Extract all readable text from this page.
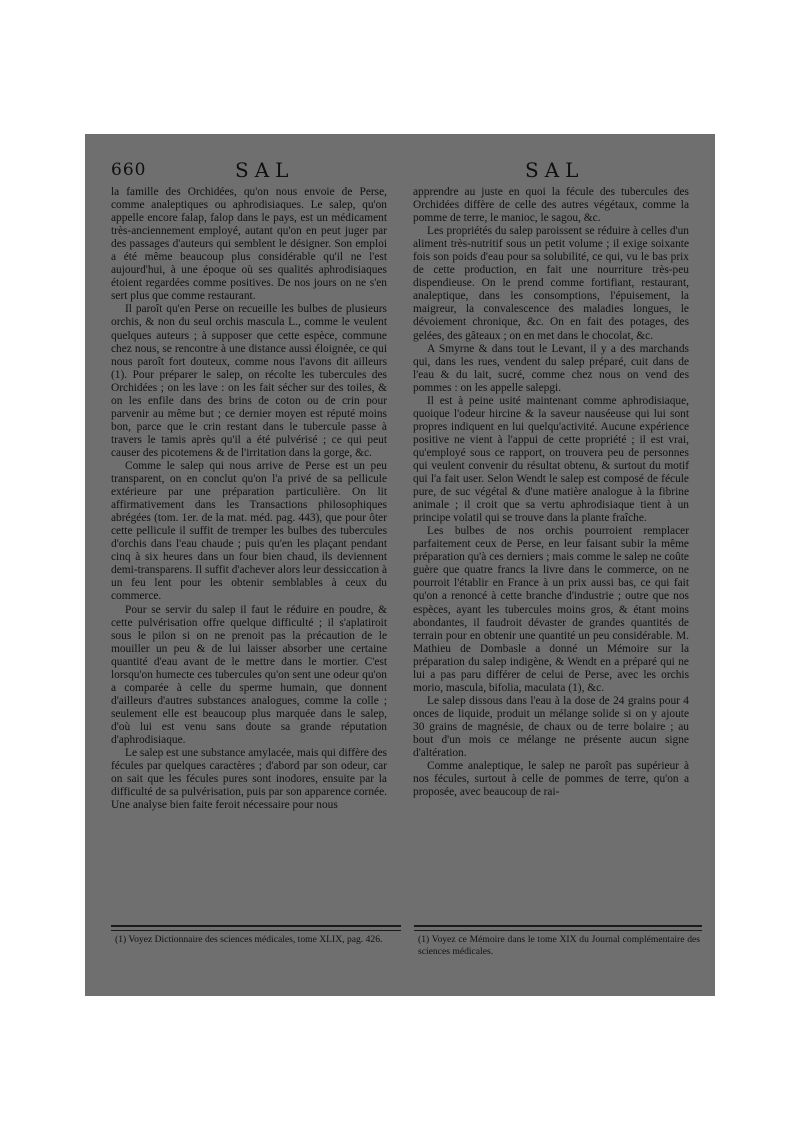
660	SAL	SAL

la famille des Orchidées, qu'on nous envoie de Perse, comme analeptiques ou aphrodisiaques. Le salep, qu'on appelle encore falap, falop dans le pays, est un médicament très-anciennement employé, autant qu'on en peut juger par des passages d'auteurs qui semblent le désigner. Son emploi a été même beaucoup plus considérable qu'il ne l'est aujourd'hui, à une époque où ses qualités aphrodisiaques étoient regardées comme positives. De nos jours on ne s'en sert plus que comme restaurant.

Il paroît qu'en Perse on recueille les bulbes de plusieurs orchis, & non du seul orchis mascula L., comme le veulent quelques auteurs ; à supposer que cette espèce, commune chez nous, se rencontre à une distance aussi éloignée, ce qui nous paroît fort douteux, comme nous l'avons dit ailleurs (1). Pour préparer le salep, on récolte les tubercules des Orchidées ; on les lave : on les fait sécher sur des toiles, & on les enfile dans des brins de coton ou de crin pour parvenir au même but ; ce dernier moyen est réputé moins bon, parce que le crin restant dans le tubercule passe à travers le tamis après qu'il a été pulvérisé ; ce qui peut causer des picotemens & de l'irritation dans la gorge, &c.

Comme le salep qui nous arrive de Perse est un peu transparent, on en conclut qu'on l'a privé de sa pellicule extérieure par une préparation particulière. On lit affirmativement dans les Transactions philosophiques abrégées (tom. 1er. de la mat. méd. pag. 443), que pour ôter cette pellicule il suffit de tremper les bulbes des tubercules d'orchis dans l'eau chaude ; puis qu'en les plaçant pendant cinq à six heures dans un four bien chaud, ils deviennent demi-transparens. Il suffit d'achever alors leur dessiccation à un feu lent pour les obtenir semblables à ceux du commerce.

Pour se servir du salep il faut le réduire en poudre, & cette pulvérisation offre quelque difficulté ; il s'aplatiroit sous le pilon si on ne prenoit pas la précaution de le mouiller un peu & de lui laisser absorber une certaine quantité d'eau avant de le mettre dans le mortier. C'est lorsqu'on humecte ces tubercules qu'on sent une odeur qu'on a comparée à celle du sperme humain, que donnent d'ailleurs d'autres substances analogues, comme la colle ; seulement elle est beaucoup plus marquée dans le salep, d'où lui est venu sans doute sa grande réputation d'aphrodisiaque.

Le salep est une substance amylacée, mais qui diffère des fécules par quelques caractères ; d'abord par son odeur, car on sait que les fécules pures sont inodores, ensuite par la difficulté de sa pulvérisation, puis par son apparence cornée. Une analyse bien faite feroit nécessaire pour nous

apprendre au juste en quoi la fécule des tubercules des Orchidées diffère de celle des autres végétaux, comme la pomme de terre, le manioc, le sagou, &c.

Les propriétés du salep paroissent se réduire à celles d'un aliment très-nutritif sous un petit volume ; il exige soixante fois son poids d'eau pour sa solubilité, ce qui, vu le bas prix de cette production, en fait une nourriture très-peu dispendieuse. On le prend comme fortifiant, restaurant, analeptique, dans les consomptions, l'épuisement, la maigreur, la convalescence des maladies longues, le dévoiement chronique, &c. On en fait des potages, des gelées, des gâteaux ; on en met dans le chocolat, &c.

A Smyrne & dans tout le Levant, il y a des marchands qui, dans les rues, vendent du salep préparé, cuit dans de l'eau & du lait, sucré, comme chez nous on vend des pommes : on les appelle salepgi.

Il est à peine usité maintenant comme aphrodisiaque, quoique l'odeur hircine & la saveur nauséeuse qui lui sont propres indiquent en lui quelqu'activité. Aucune expérience positive ne vient à l'appui de cette propriété ; il est vrai, qu'employé sous ce rapport, on trouvera peu de personnes qui veulent convenir du résultat obtenu, & surtout du motif qui l'a fait user. Selon Wendt le salep est composé de fécule pure, de suc végétal & d'une matière analogue à la fibrine animale ; il croit que sa vertu aphrodisiaque tient à un principe volatil qui se trouve dans la plante fraîche.

Les bulbes de nos orchis pourroient remplacer parfaitement ceux de Perse, en leur faisant subir la même préparation qu'à ces derniers ; mais comme le salep ne coûte guère que quatre francs la livre dans le commerce, on ne pourroit l'établir en France à un prix aussi bas, ce qui fait qu'on a renoncé à cette branche d'industrie ; outre que nos espèces, ayant les tubercules moins gros, & étant moins abondantes, il faudroit dévaster de grandes quantités de terrain pour en obtenir une quantité un peu considérable. M. Mathieu de Dombasle a donné un Mémoire sur la préparation du salep indigène, & Wendt en a préparé qui ne lui a pas paru différer de celui de Perse, avec les orchis morio, mascula, bifolia, maculata (1), &c.

Le salep dissous dans l'eau à la dose de 24 grains pour 4 onces de liquide, produit un mélange solide si on y ajoute 30 grains de magnésie, de chaux ou de terre bolaire ; au bout d'un mois ce mélange ne présente aucun signe d'altération.

Comme analeptique, le salep ne paroît pas supérieur à nos fécules, surtout à celle de pommes de terre, qu'on a proposée, avec beaucoup de rai-

(1) Voyez Dictionnaire des sciences médicales, tome XLIX, pag. 426.	(1) Voyez ce Mémoire dans le tome XIX du Journal complémentaire des sciences médicales.
